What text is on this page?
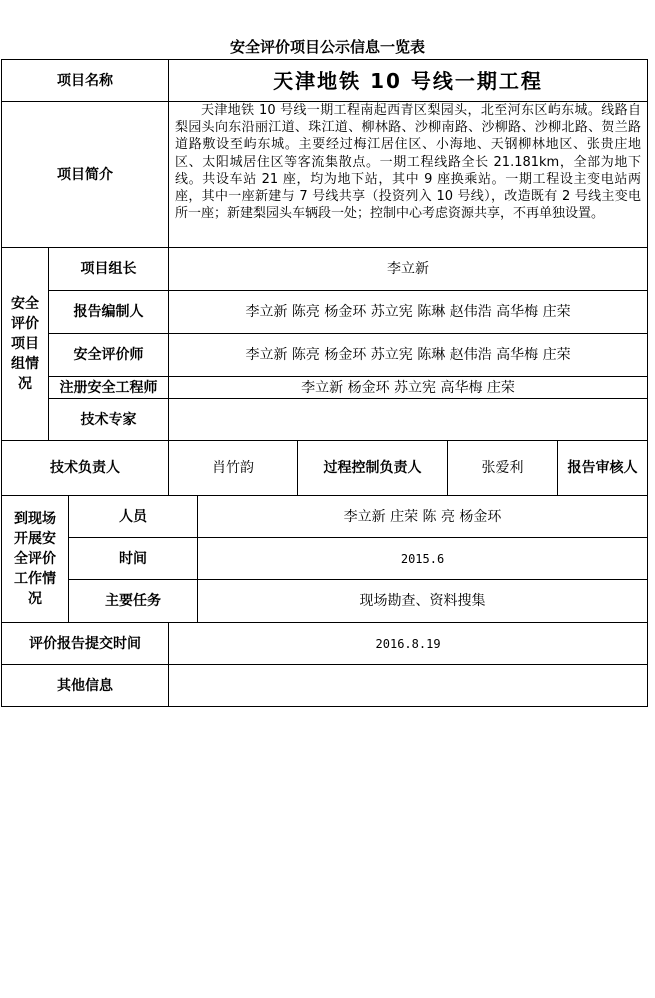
安全评价项目公示信息一览表
项目名称			天津地铁 10 号线一期工程					
项目简介			天津地铁 10 号线一期工程南起西青区梨园头，北至河东区屿东城。线路自梨园头向东沿丽江道、珠江道、柳林路、沙柳南路、沙柳路、沙柳北路、贺兰路道路敷设至屿东城。主要经过梅江居住区、小海地、天钢柳林地区、张贵庄地区、太阳城居住区等客流集散点。一期工程线路全长 21.181km，全部为地下线。共设车站 21 座，均为地下站，其中 9 座换乘站。一期工程设主变电站两座，其中一座新建与 7 号线共享（投资列入 10 号线），改造既有 2 号线主变电所一座；新建梨园头车辆段一处；控制中心考虑资源共享，不再单独设置。					

安全评价项目组情况	项目组长		李立新					
	报告编制人		李立新 陈亮 杨金环 苏立宪 陈琳 赵伟浩 高华梅 庄荣					
	安全评价师		李立新 陈亮 杨金环 苏立宪 陈琳 赵伟浩 高华梅 庄荣					
	注册安全工程师		李立新 杨金环 苏立宪 高华梅 庄荣					
	技术专家							
技术负责人			肖竹韵		过程控制负责人	张爱利	报告审核人	
到现场开展安全评价工作情况		人员		李立新 庄荣 陈 亮 杨金环				
		时间		2015.6				
		主要任务		现场勘查、资料搜集				
评价报告提交时间			2016.8.19					
其他信息								
